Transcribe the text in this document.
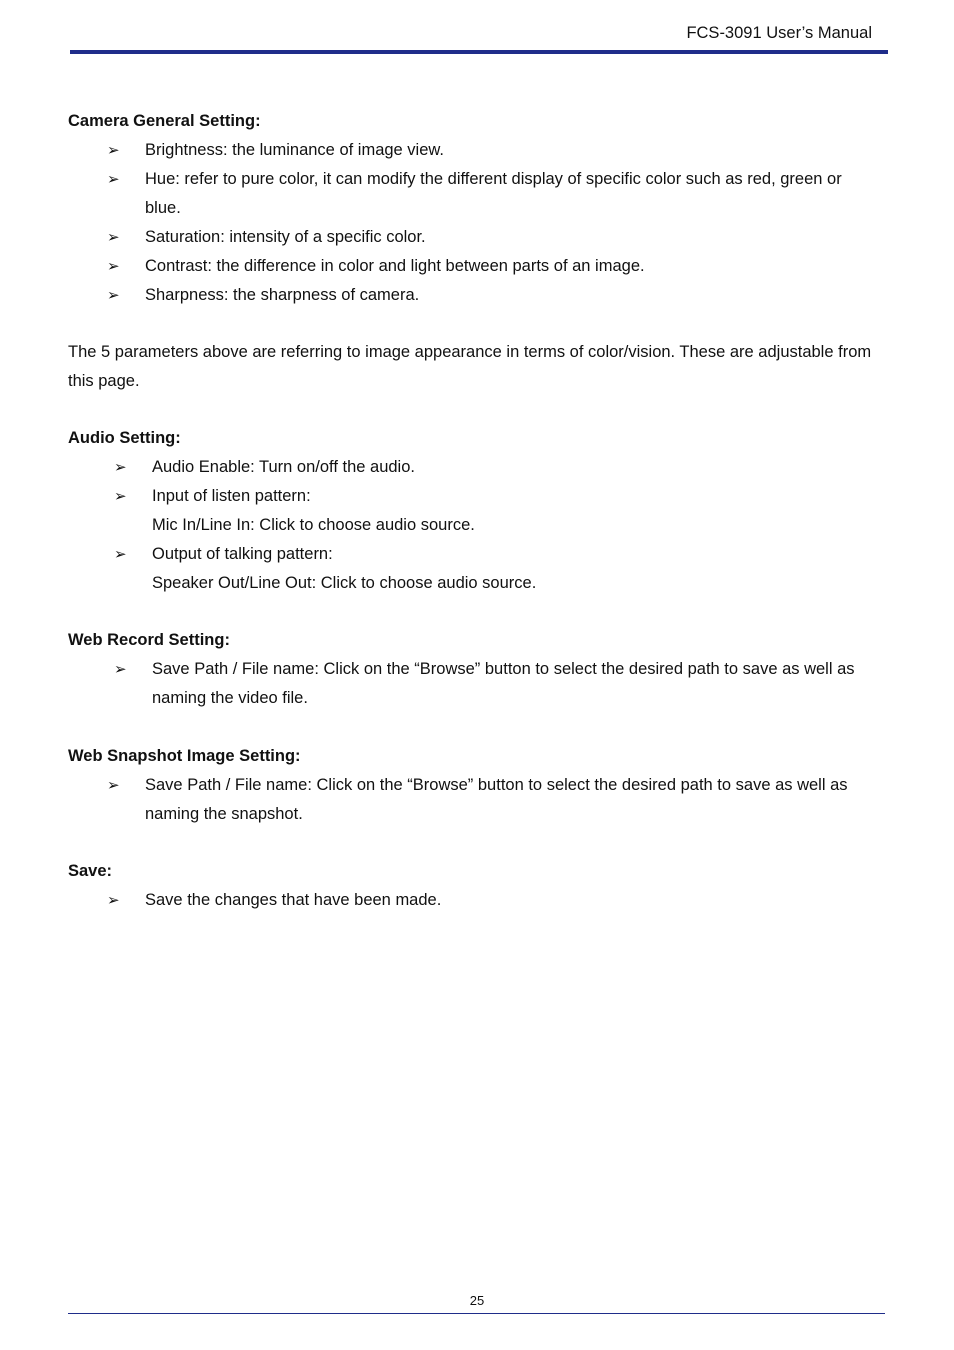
FCS-3091 User’s Manual
Camera General Setting:
➢ Brightness: the luminance of image view.
➢ Hue: refer to pure color, it can modify the different display of specific color such as red, green or blue.
➢ Saturation: intensity of a specific color.
➢ Contrast: the difference in color and light between parts of an image.
➢ Sharpness: the sharpness of camera.
The 5 parameters above are referring to image appearance in terms of color/vision. These are adjustable from this page.
Audio Setting:
➢ Audio Enable: Turn on/off the audio.
➢ Input of listen pattern:
Mic In/Line In: Click to choose audio source.
➢ Output of talking pattern:
Speaker Out/Line Out: Click to choose audio source.
Web Record Setting:
➢ Save Path / File name: Click on the “Browse” button to select the desired path to save as well as naming the video file.
Web Snapshot Image Setting:
➢ Save Path / File name: Click on the “Browse” button to select the desired path to save as well as naming the snapshot.
Save:
➢ Save the changes that have been made.
25
